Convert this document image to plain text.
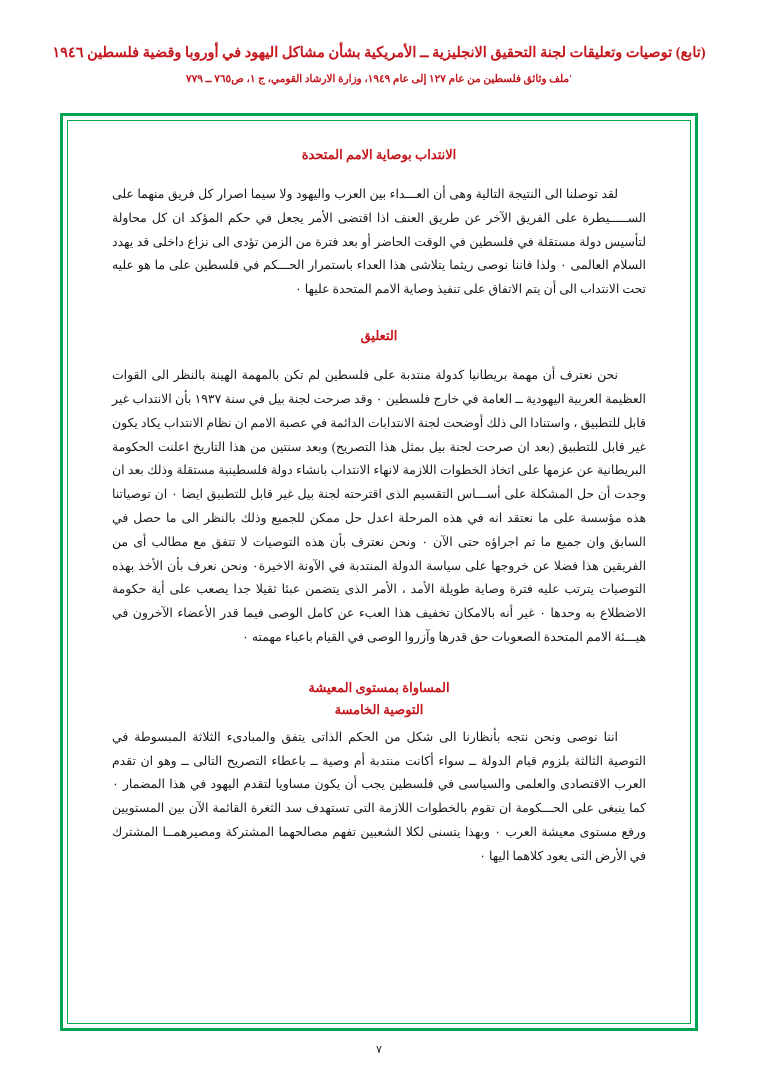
(تابع) توصيات وتعليقات لجنة التحقيق الانجليزية ــ الأمريكية بشأن مشاكل اليهود في أوروبا وقضية فلسطين ١٩٤٦
'ملف وثائق فلسطين من عام ١٢٧ إلى عام ١٩٤٩، وزارة الارشاد القومي، ج ١، ص٧٦٥ ــ ٧٧٩
الانتداب بوصاية الامم المتحدة

لقد توصلنا الى النتيجة التالية وهى أن العـــداء بين العرب واليهود ولا سيما اصرار كل فريق منهما على الســـــيطرة على الفريق الآخر عن طريق العنف اذا اقتضى الأمر يجعل في حكم المؤكد ان كل محاولة لتأسيس دولة مستقلة في فلسطين في الوقت الحاضر أو بعد فترة من الزمن تؤدى الى نزاع داخلى قد يهدد السلام العالمى ٠ ولذا فاننا نوصى ريثما يتلاشى هذا العداء باستمرار الحـــكم في فلسطين على ما هو عليه تحت الانتداب الى أن يتم الاتفاق على تنفيذ وصاية الامم المتحدة عليها ٠

التعليق

نحن نعترف أن مهمة بريطانيا كدولة منتدبة على فلسطين لم تكن بالمهمة الهينة بالنظر الى القوات العظيمة العربية اليهودية ــ العامة في خارج فلسطين ٠ وقد صرحت لجنة بيل في سنة ١٩٣٧ بأن الانتداب غير قابل للتطبيق ، واستنادا الى ذلك أوضحت لجنة الانتدابات الدائمة في عصبة الامم ان نظام الانتداب يكاد يكون غير قابل للتطبيق (بعد ان صرحت لجنة بيل بمثل هذا التصريح) وبعد سنتين من هذا التاريخ اعلنت الحكومة البريطانية عن عزمها على اتخاذ الخطوات اللازمة لانهاء الانتداب بانشاء دولة فلسطينية مستقلة وذلك بعد ان وجدت أن حل المشكلة على أســـاس التقسيم الذى اقترحته لجنة بيل غير قابل للتطبيق ايضا ٠ ان توصياتنا هذه مؤسسة على ما نعتقد انه في هذه المرحلة اعدل حل ممكن للجميع وذلك بالنظر الى ما حصل في السابق وان جميع ما تم اجراؤه حتى الآن ٠ ونحن نعترف بأن هذه التوصيات لا تتفق مع مطالب أى من الفريقين هذا فضلا عن خروجها على سياسة الدولة المنتدبة في الآونة الاخيرة٠ ونحن نعرف بأن الأخذ بهذه التوصيات يترتب عليه فترة وصاية طويلة الأمد ، الأمر الذى يتضمن عبئا ثقيلا جدا يصعب على أية حكومة الاضطلاع به وحدها ٠ غير أنه بالامكان تخفيف هذا العبء عن كامل الوصى فيما قدر الأعضاء الآخرون في هيـــئة الامم المتحدة الصعوبات حق قدرها وآزروا الوصى في القيام باعباء مهمته ٠

المساواة بمستوى المعيشة
التوصية الخامسة

اننا نوصى ونحن نتجه بأنظارنا الى شكل من الحكم الذاتى يتفق والمبادىء الثلاثة المبسوطة في التوصية الثالثة بلزوم قيام الدولة ــ سواء أكانت منتدبة أم وصية ــ باعطاء التصريح التالى ــ وهو ان تقدم العرب الاقتصادى والعلمى والسياسى في فلسطين يجب أن يكون مساويا لتقدم اليهود في هذا المضمار ٠ كما ينبغى على الحـــكومة ان تقوم بالخطوات اللازمة التى تستهدف سد الثغرة القائمة الآن بين المستويين ورفع مستوى معيشة العرب ٠ وبهذا يتسنى لكلا الشعبين تفهم مصالحهما المشتركة ومصيرهمــا المشترك في الأرض التى يعود كلاهما اليها ٠

٧
